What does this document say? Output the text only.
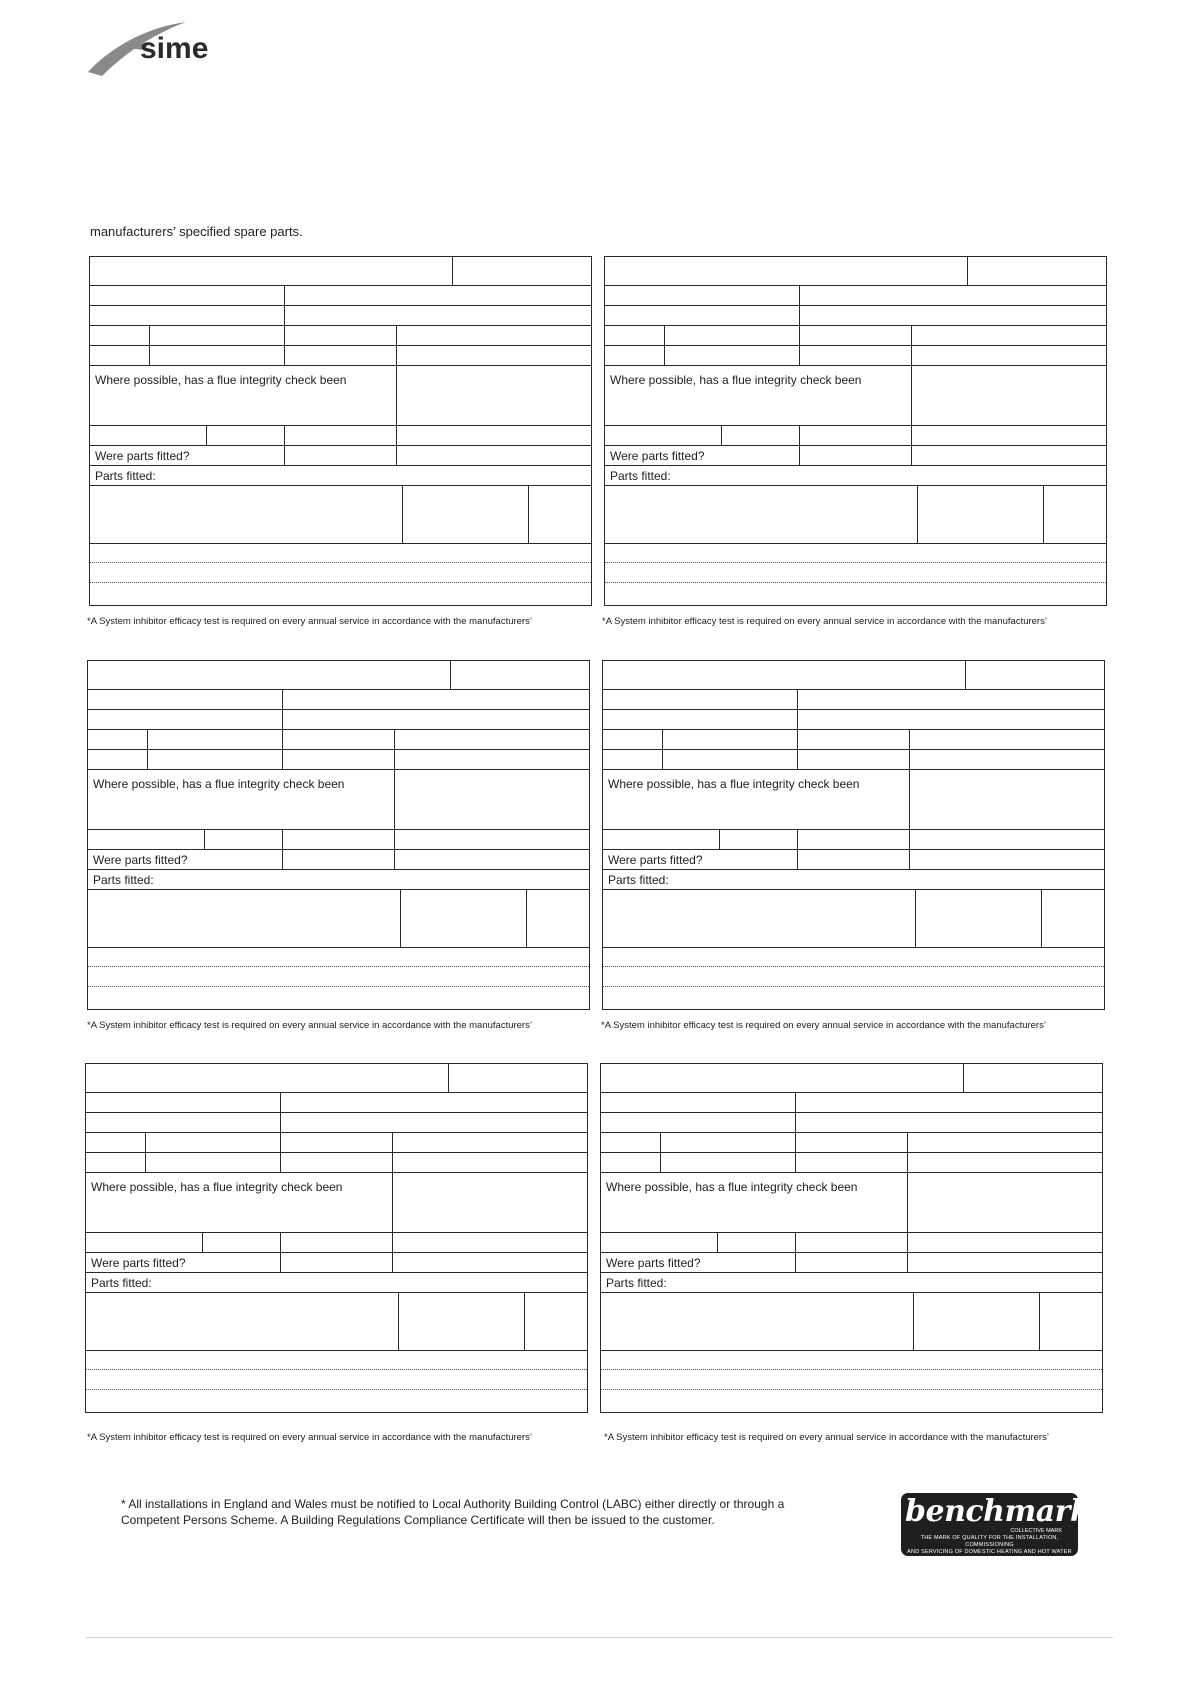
sime
manufacturers’ specified spare parts.
Where possible, has a flue integrity check been
Were parts fitted?
Parts fitted:
*A System inhibitor efficacy test is required on every annual service in accordance with the manufacturers’
Where possible, has a flue integrity check been
Were parts fitted?
Parts fitted:
*A System inhibitor efficacy test is required on every annual service in accordance with the manufacturers’
Where possible, has a flue integrity check been
Were parts fitted?
Parts fitted:
*A System inhibitor efficacy test is required on every annual service in accordance with the manufacturers’
Where possible, has a flue integrity check been
Were parts fitted?
Parts fitted:
*A System inhibitor efficacy test is required on every annual service in accordance with the manufacturers’
Where possible, has a flue integrity check been
Were parts fitted?
Parts fitted:
*A System inhibitor efficacy test is required on every annual service in accordance with the manufacturers’
Where possible, has a flue integrity check been
Were parts fitted?
Parts fitted:
*A System inhibitor efficacy test is required on every annual service in accordance with the manufacturers’
* All installations in England and Wales must be notified to Local Authority Building Control (LABC) either directly or through a
Competent Persons Scheme. A Building Regulations Compliance Certificate will then be issued to the customer.	benchmark
COLLECTIVE MARK
THE MARK OF QUALITY FOR THE INSTALLATION, COMMISSIONING
AND SERVICING OF DOMESTIC HEATING AND HOT WATER SYSTEMS
